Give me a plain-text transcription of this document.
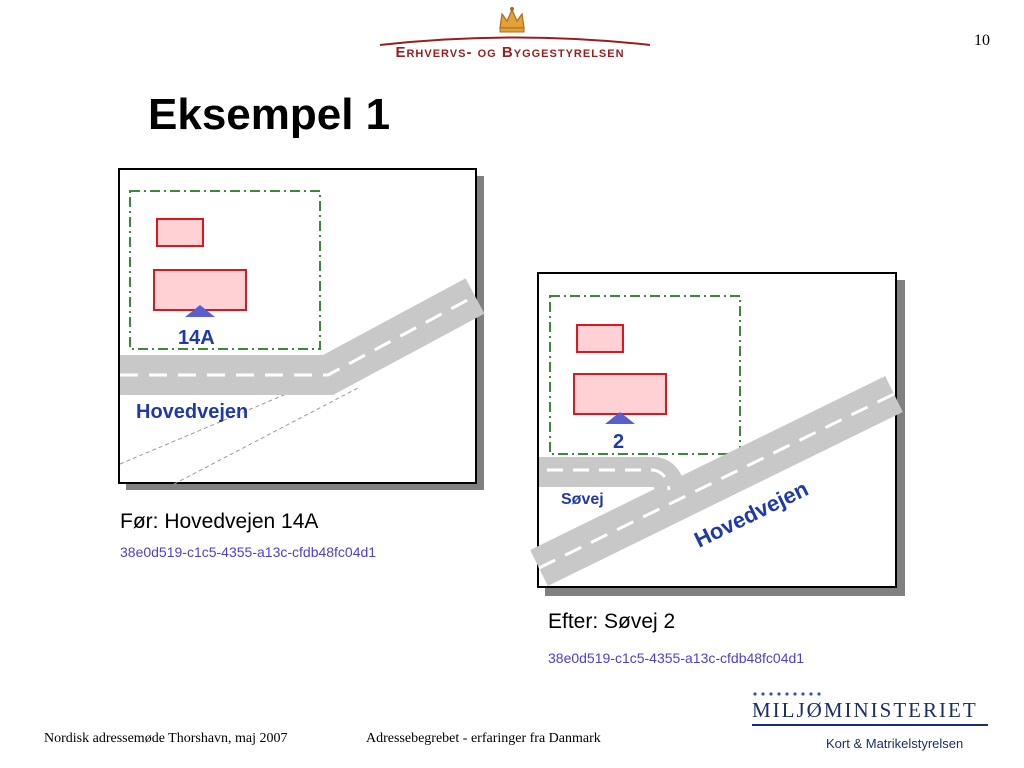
10
Erhvervs- og Byggestyrelsen
Eksempel 1
14A
Hovedvejen
Før: Hovedvejen 14A
38e0d519-c1c5-4355-a13c-cfdb48fc04d1
2
Søvej	Hovedvejen
Efter: Søvej 2
38e0d519-c1c5-4355-a13c-cfdb48fc04d1
Nordisk adressemøde Thorshavn, maj 2007	Adressebegrebet - erfaringer fra Danmark
MILJØMINISTERIET
Kort & Matrikelstyrelsen
